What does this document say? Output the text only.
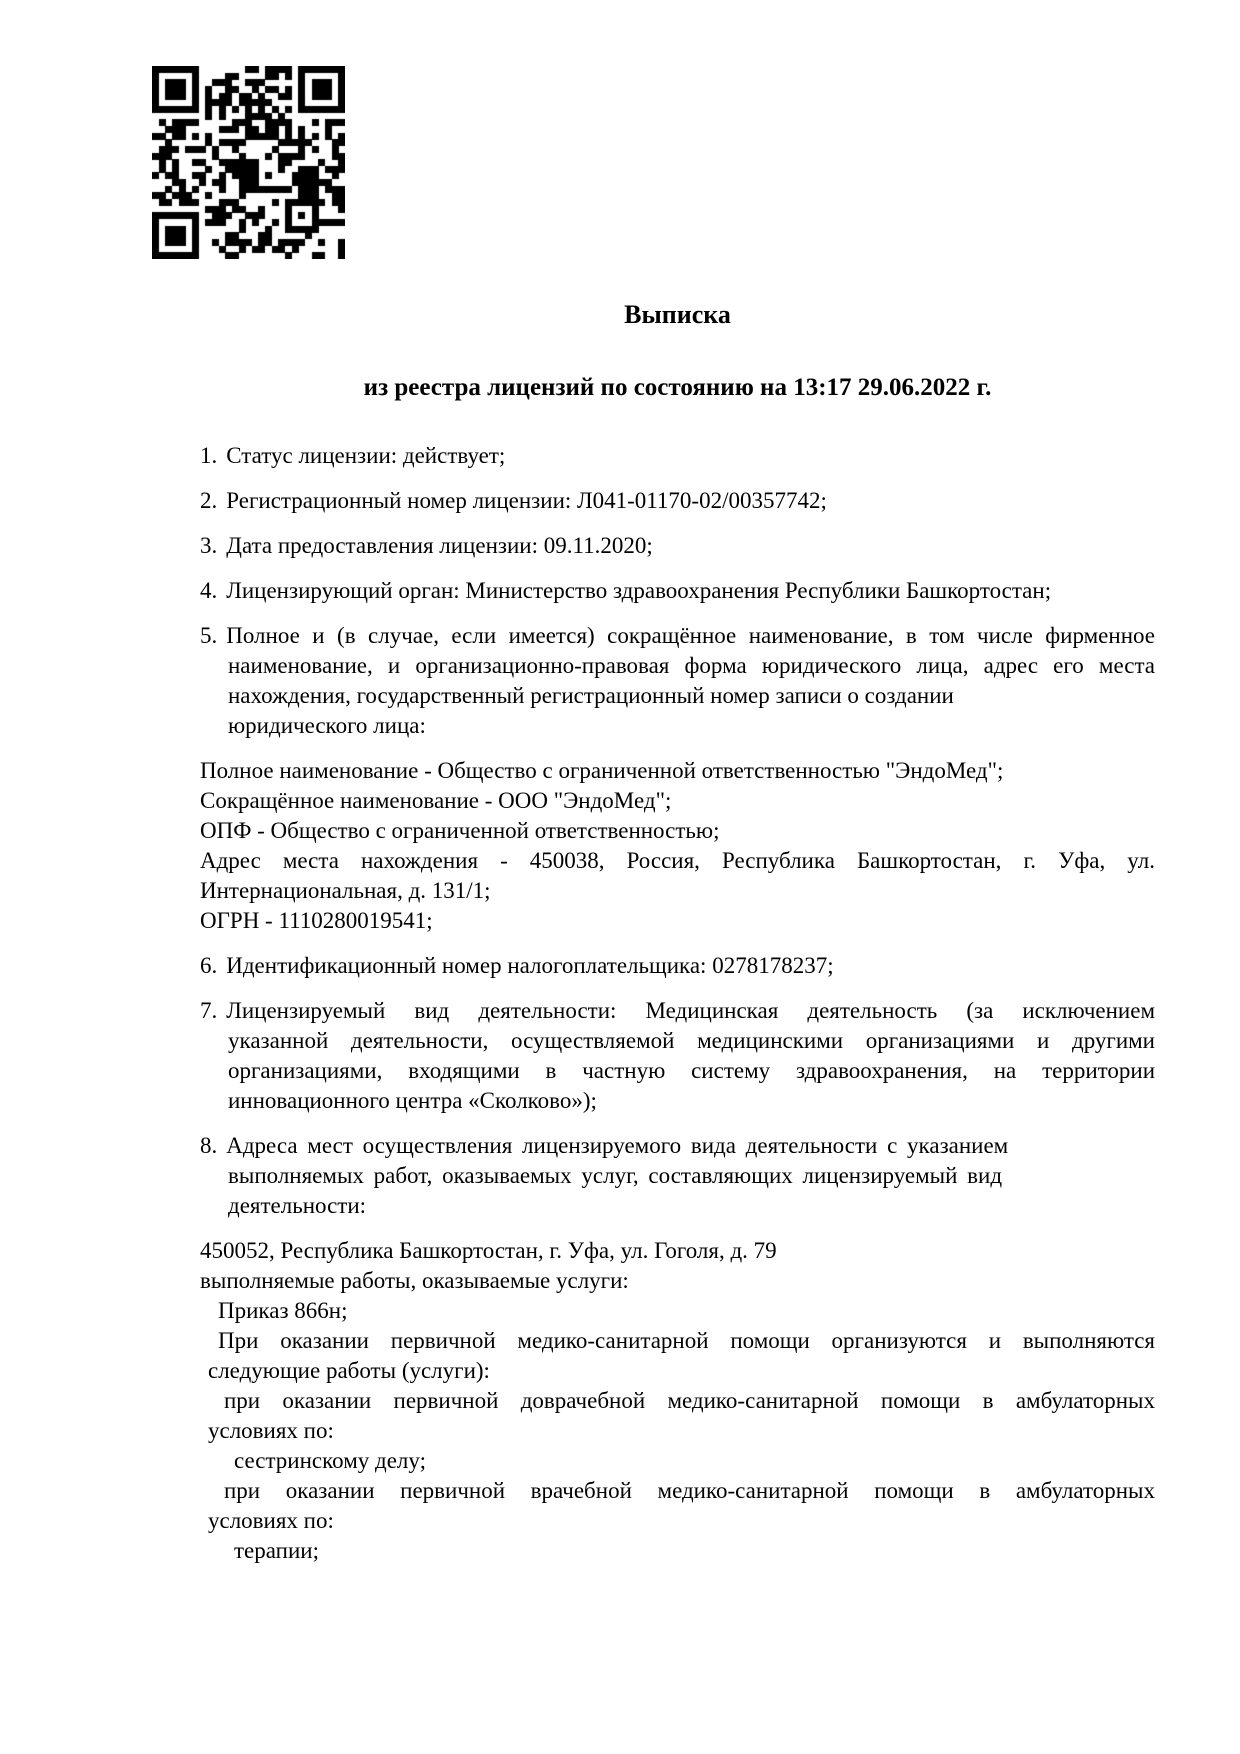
Выписка
из реестра лицензий по состоянию на 13:17 29.06.2022 г.
1. Статус лицензии: действует;
2. Регистрационный номер лицензии: Л041-01170-02/00357742;
3. Дата предоставления лицензии: 09.11.2020;
4. Лицензирующий орган: Министерство здравоохранения Республики Башкортостан;
5. Полное и (в случае, если имеется) сокращённое наименование, в том числе фирменное
наименование, и организационно-правовая форма юридического лица, адрес его места
нахождения, государственный регистрационный номер записи о создании
юридического лица:
Полное наименование - Общество с ограниченной ответственностью "ЭндоМед";
Сокращённое наименование - ООО "ЭндоМед";
ОПФ - Общество с ограниченной ответственностью;
Адрес места нахождения - 450038, Россия, Республика Башкортостан, г. Уфа, ул.
Интернациональная, д. 131/1;
ОГРН - 1110280019541;
6. Идентификационный номер налогоплательщика: 0278178237;
7. Лицензируемый вид деятельности: Медицинская деятельность (за исключением
указанной деятельности, осуществляемой медицинскими организациями и другими
организациями, входящими в частную систему здравоохранения, на территории
инновационного центра «Сколково»);
8. Адреса мест осуществления лицензируемого вида деятельности с указанием
выполняемых работ, оказываемых услуг, составляющих лицензируемый вид
деятельности:
450052, Республика Башкортостан, г. Уфа, ул. Гоголя, д. 79
выполняемые работы, оказываемые услуги:
Приказ 866н;
При оказании первичной медико-санитарной помощи организуются и выполняются
следующие работы (услуги):
при оказании первичной доврачебной медико-санитарной помощи в амбулаторных
условиях по:
сестринскому делу;
при оказании первичной врачебной медико-санитарной помощи в амбулаторных
условиях по:
терапии;
